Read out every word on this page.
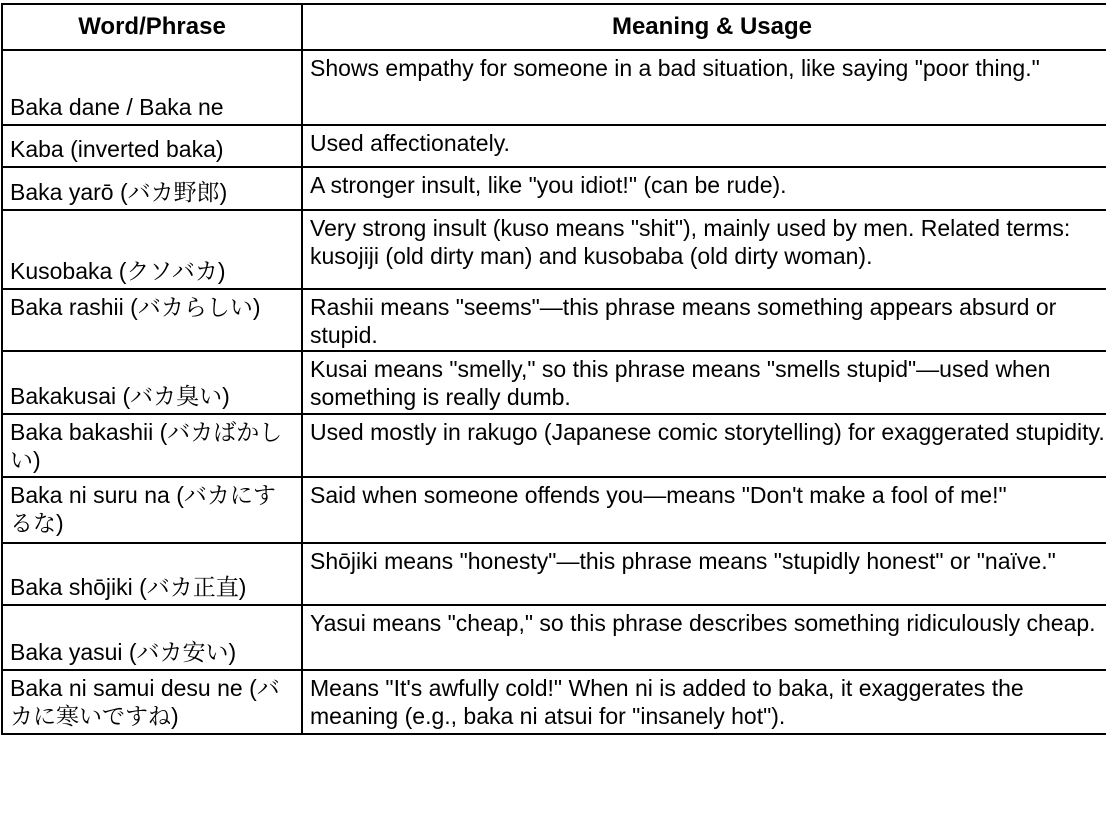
Word/Phrase	Meaning & Usage
Baka dane / Baka ne	Shows empathy for someone in a bad situation, like saying "poor thing."
Kaba (inverted baka)	Used affectionately.
Baka yarō (バカ野郎)	A stronger insult, like "you idiot!" (can be rude).
Kusobaka (クソバカ)	Very strong insult (kuso means "shit"), mainly used by men. Related terms: kusojiji (old dirty man) and kusobaba (old dirty woman).
Baka rashii (バカらしい)	Rashii means "seems"—this phrase means something appears absurd or stupid.
Bakakusai (バカ臭い)	Kusai means "smelly," so this phrase means "smells stupid"—used when something is really dumb.
Baka bakashii (バカばかしい)	Used mostly in rakugo (Japanese comic storytelling) for exaggerated stupidity.
Baka ni suru na (バカにするな)	Said when someone offends you—means "Don't make a fool of me!"
Baka shōjiki (バカ正直)	Shōjiki means "honesty"—this phrase means "stupidly honest" or "naïve."
Baka yasui (バカ安い)	Yasui means "cheap," so this phrase describes something ridiculously cheap.
Baka ni samui desu ne (バカに寒いですね)	Means "It's awfully cold!" When ni is added to baka, it exaggerates the meaning (e.g., baka ni atsui for "insanely hot").
